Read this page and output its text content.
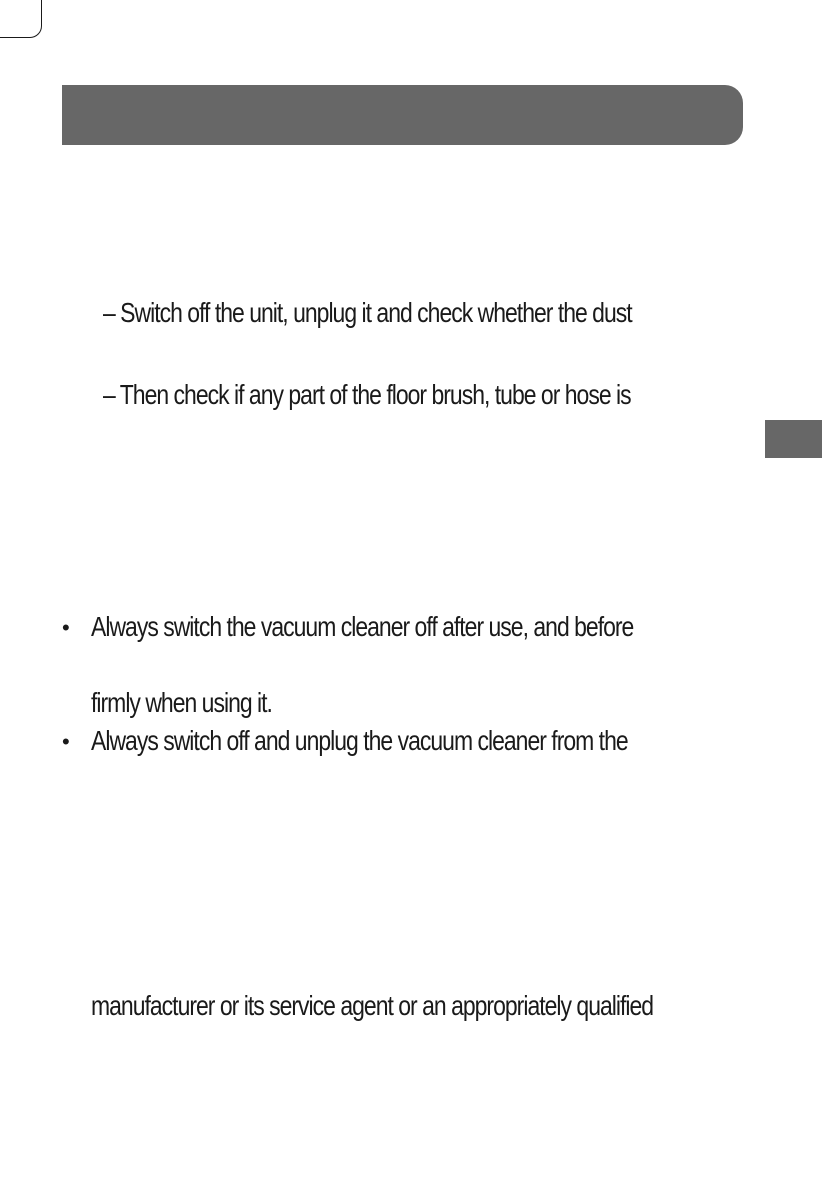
– Switch off the unit, unplug it and check whether the dust
– Then check if any part of the floor brush, tube or hose is
• Always switch the vacuum cleaner off after use, and before
firmly when using it.
• Always switch off and unplug the vacuum cleaner from the
manufacturer or its service agent or an appropriately qualified
